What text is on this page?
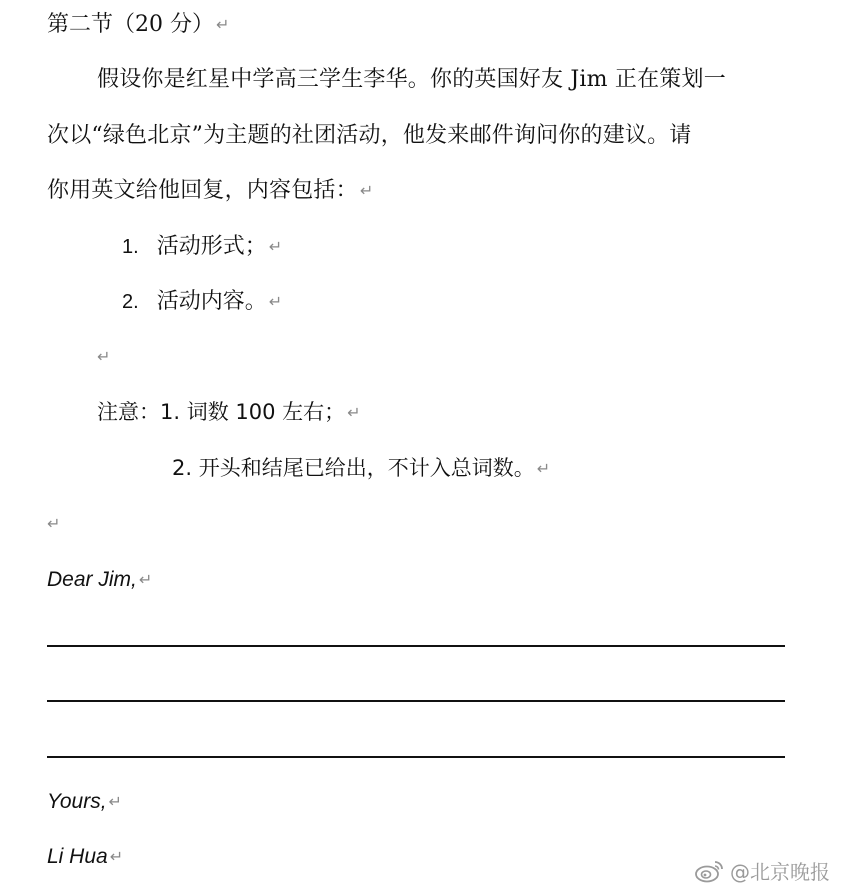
第二节（20 分） ↵
假设你是红星中学高三学生李华。你的英国好友 Jim 正在策划一
次以“绿色北京”为主题的社团活动，他发来邮件询问你的建议。请
你用英文给他回复，内容包括： ↵
1. 活动形式； ↵
2. 活动内容。 ↵
↵
注意：1. 词数 100 左右； ↵
2. 开头和结尾已给出，不计入总词数。 ↵
↵
Dear Jim, ↵
Yours, ↵
Li Hua ↵
@北京晚报
